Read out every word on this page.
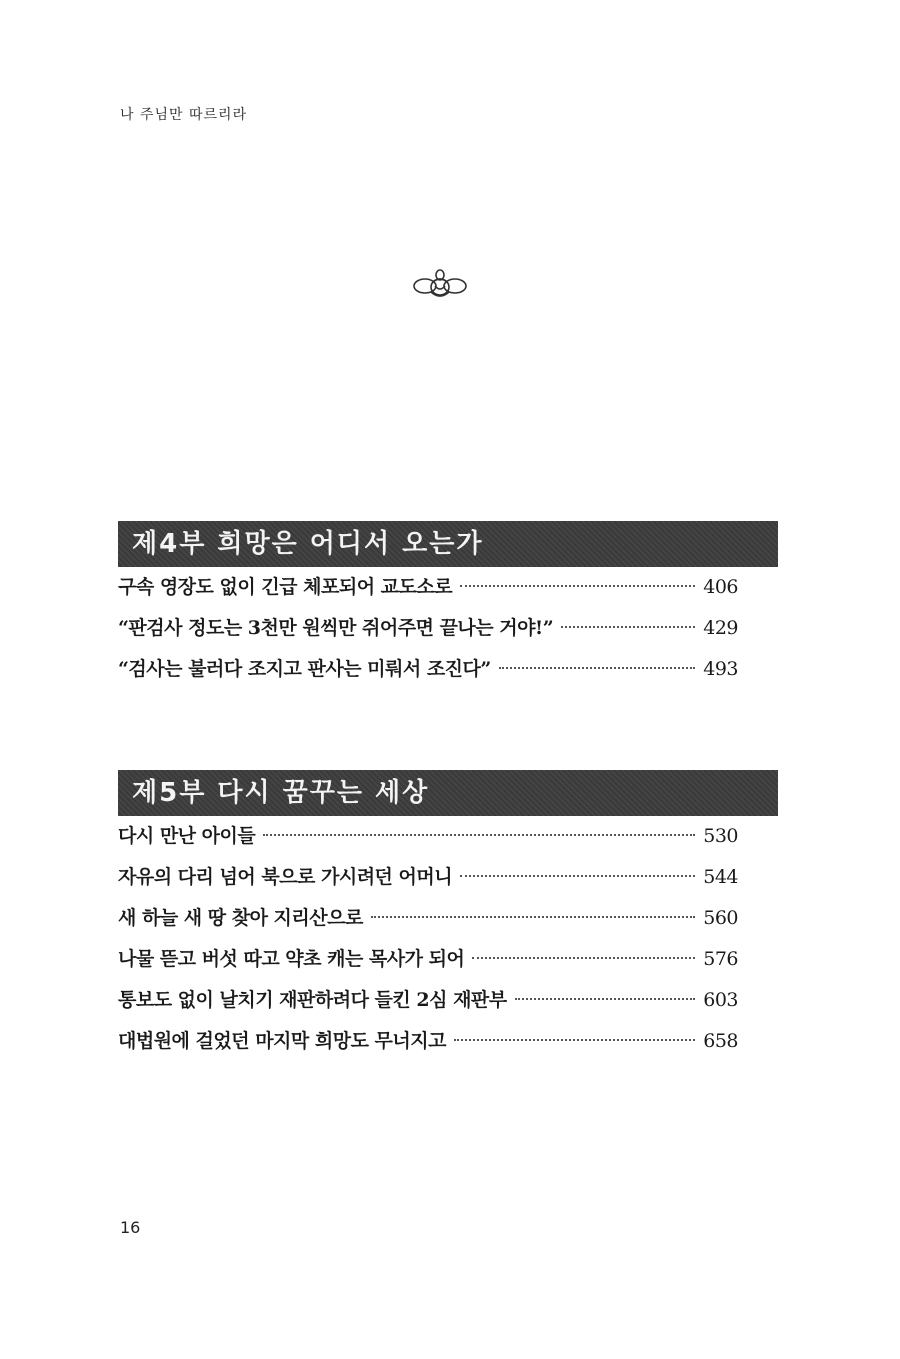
나 주님만 따르리라
제4부 희망은 어디서 오는가
구속 영장도 없이 긴급 체포되어 교도소로	406
“판검사 정도는 3천만 원씩만 쥐어주면 끝나는 거야!”	429
“검사는 불러다 조지고 판사는 미뤄서 조진다”	493
제5부 다시 꿈꾸는 세상
다시 만난 아이들	530
자유의 다리 넘어 북으로 가시려던 어머니	544
새 하늘 새 땅 찾아 지리산으로	560
나물 뜯고 버섯 따고 약초 캐는 목사가 되어	576
통보도 없이 날치기 재판하려다 들킨 2심 재판부	603
대법원에 걸었던 마지막 희망도 무너지고	658
16
